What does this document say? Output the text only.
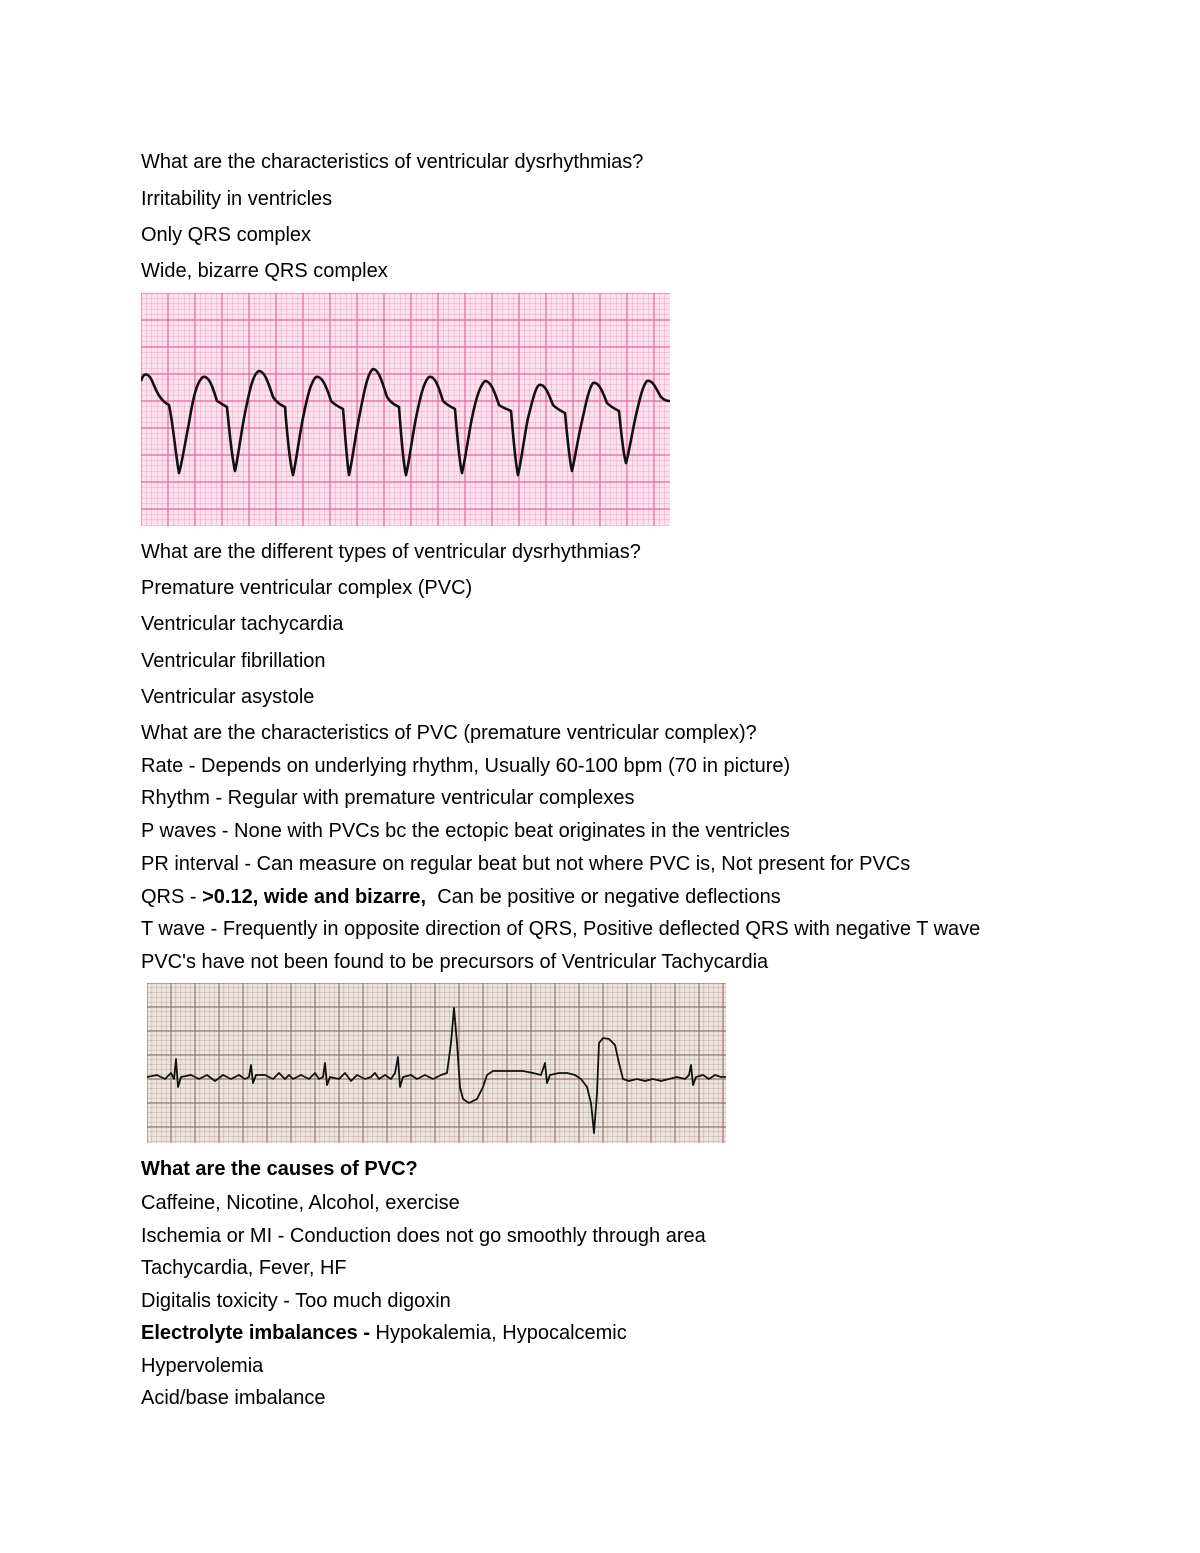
What are the characteristics of ventricular dysrhythmias?
Irritability in ventricles
Only QRS complex
Wide, bizarre QRS complex
What are the different types of ventricular dysrhythmias?
Premature ventricular complex (PVC)
Ventricular tachycardia
Ventricular fibrillation
Ventricular asystole
What are the characteristics of PVC (premature ventricular complex)?
Rate - Depends on underlying rhythm, Usually 60-100 bpm (70 in picture)
Rhythm - Regular with premature ventricular complexes
P waves - None with PVCs bc the ectopic beat originates in the ventricles
PR interval - Can measure on regular beat but not where PVC is, Not present for PVCs
QRS - >0.12, wide and bizarre,  Can be positive or negative deflections
T wave - Frequently in opposite direction of QRS, Positive deflected QRS with negative T wave
PVC's have not been found to be precursors of Ventricular Tachycardia
What are the causes of PVC?
Caffeine, Nicotine, Alcohol, exercise
Ischemia or MI - Conduction does not go smoothly through area
Tachycardia, Fever, HF
Digitalis toxicity - Too much digoxin
Electrolyte imbalances - Hypokalemia, Hypocalcemic
Hypervolemia
Acid/base imbalance
